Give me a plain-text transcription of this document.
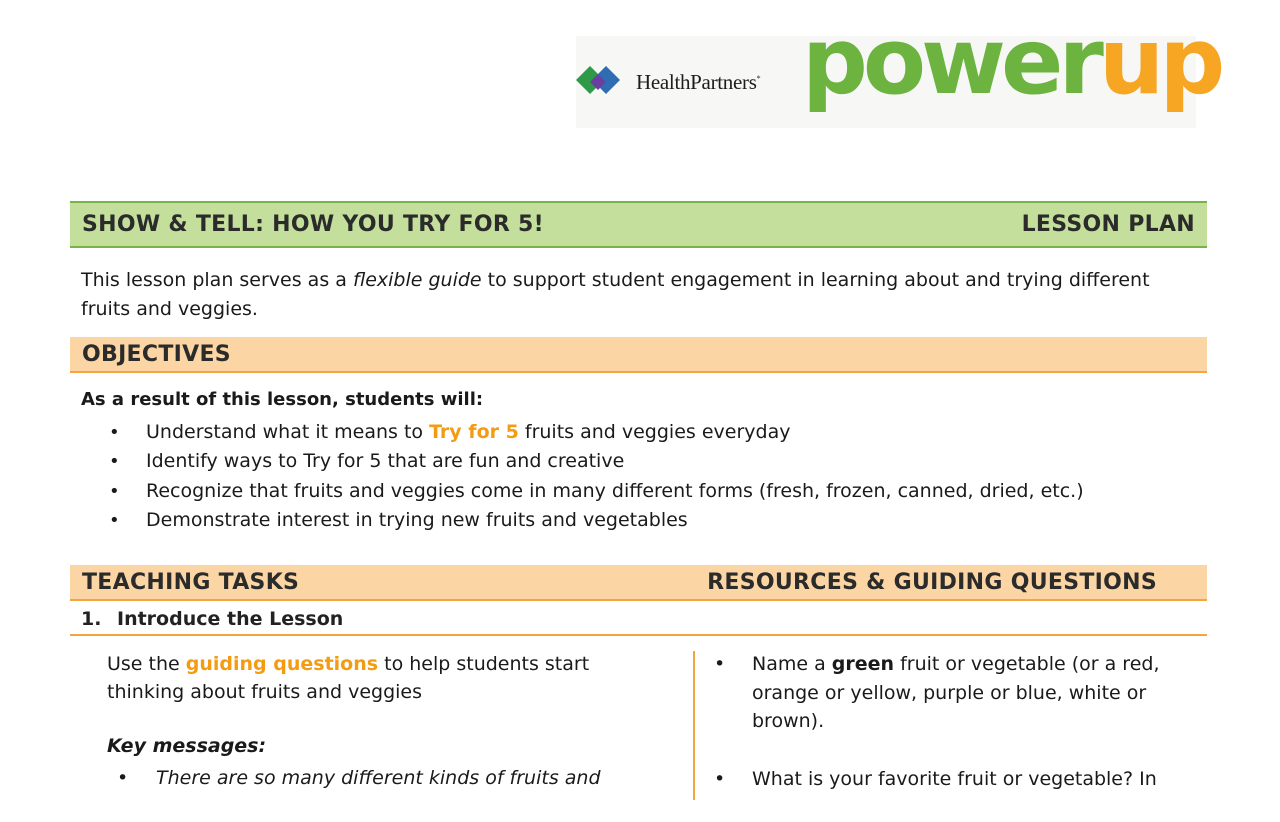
HealthPartners* powerup
SHOW & TELL: HOW YOU TRY FOR 5!	LESSON PLAN
This lesson plan serves as a flexible guide to support student engagement in learning about and trying different fruits and veggies.
OBJECTIVES
As a result of this lesson, students will:
• Understand what it means to Try for 5 fruits and veggies everyday
• Identify ways to Try for 5 that are fun and creative
• Recognize that fruits and veggies come in many different forms (fresh, frozen, canned, dried, etc.)
• Demonstrate interest in trying new fruits and vegetables
TEACHING TASKS	RESOURCES & GUIDING QUESTIONS
1. Introduce the Lesson

Use the guiding questions to help students start thinking about fruits and veggies

Key messages:
• There are so many different kinds of fruits and
• Name a green fruit or vegetable (or a red, orange or yellow, purple or blue, white or brown).
• What is your favorite fruit or vegetable? In
